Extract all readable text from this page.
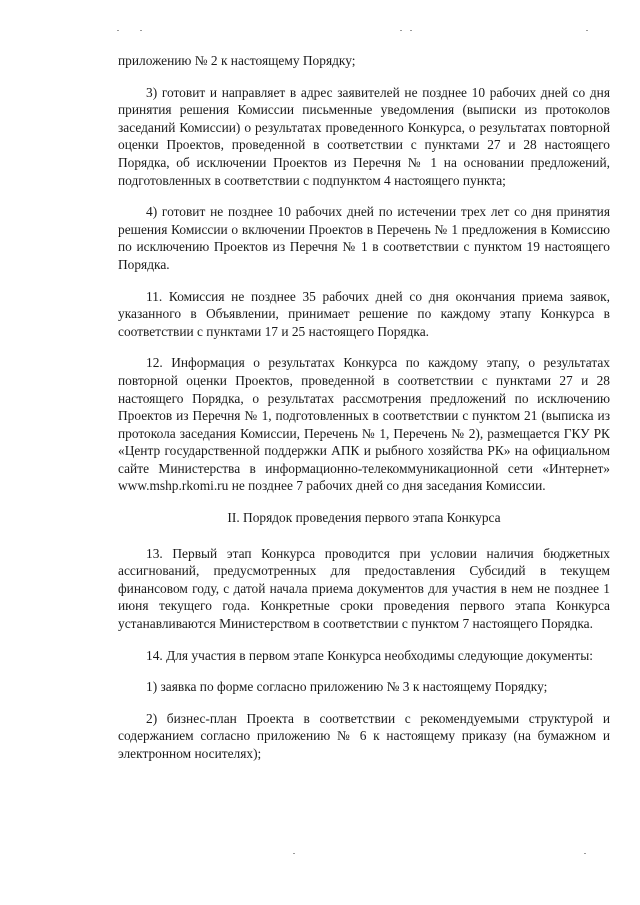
приложению № 2 к настоящему Порядку;

3) готовит и направляет в адрес заявителей не позднее 10 рабочих дней со дня принятия решения Комиссии письменные уведомления (выписки из протоколов заседаний Комиссии) о результатах проведенного Конкурса, о результатах повторной оценки Проектов, проведенной в соответствии с пунктами 27 и 28 настоящего Порядка, об исключении Проектов из Перечня № 1 на основании предложений, подготовленных в соответствии с подпунктом 4 настоящего пункта;

4) готовит не позднее 10 рабочих дней по истечении трех лет со дня принятия решения Комиссии о включении Проектов в Перечень № 1 предложения в Комиссию по исключению Проектов из Перечня № 1 в соответствии с пунктом 19 настоящего Порядка.

11. Комиссия не позднее 35 рабочих дней со дня окончания приема заявок, указанного в Объявлении, принимает решение по каждому этапу Конкурса в соответствии с пунктами 17 и 25 настоящего Порядка.

12. Информация о результатах Конкурса по каждому этапу, о результатах повторной оценки Проектов, проведенной в соответствии с пунктами 27 и 28 настоящего Порядка, о результатах рассмотрения предложений по исключению Проектов из Перечня № 1, подготовленных в соответствии с пунктом 21 (выписка из протокола заседания Комиссии, Перечень № 1, Перечень № 2), размещается ГКУ РК «Центр государственной поддержки АПК и рыбного хозяйства РК» на официальном сайте Министерства в информационно-телекоммуникационной сети «Интернет» www.mshp.rkomi.ru не позднее 7 рабочих дней со дня заседания Комиссии.

II. Порядок проведения первого этапа Конкурса

13. Первый этап Конкурса проводится при условии наличия бюджетных ассигнований, предусмотренных для предоставления Субсидий в текущем финансовом году, с датой начала приема документов для участия в нем не позднее 1 июня текущего года. Конкретные сроки проведения первого этапа Конкурса устанавливаются Министерством в соответствии с пунктом 7 настоящего Порядка.

14. Для участия в первом этапе Конкурса необходимы следующие документы:

1) заявка по форме согласно приложению № 3 к настоящему Порядку;

2) бизнес-план Проекта в соответствии с рекомендуемыми структурой и содержанием согласно приложению № 6 к настоящему приказу (на бумажном и электронном носителях);
